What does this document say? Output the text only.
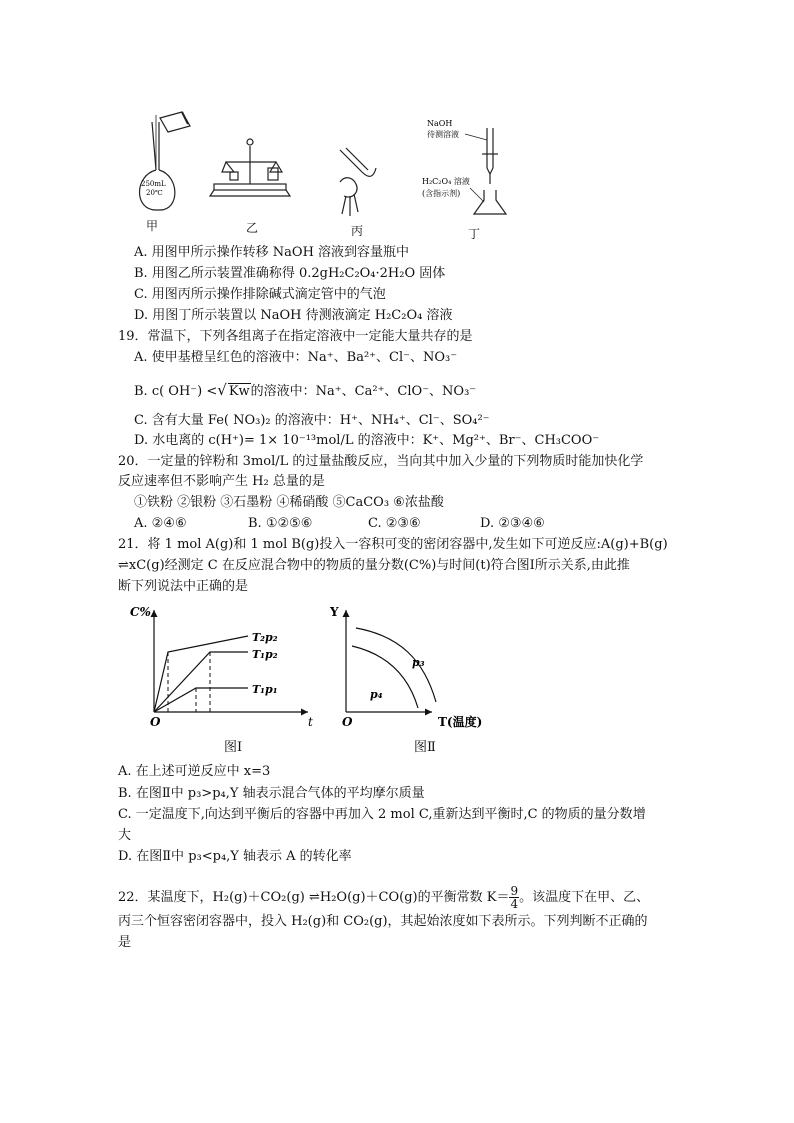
250mL
20℃
NaOH
待测溶液
H₂C₂O₄ 溶液
(含指示剂)
甲	乙	丙	丁
A. 用图甲所示操作转移 NaOH 溶液到容量瓶中
B. 用图乙所示装置准确称得 0.2gH₂C₂O₄·2H₂O 固体
C. 用图丙所示操作排除碱式滴定管中的气泡
D. 用图丁所示装置以 NaOH 待测液滴定 H₂C₂O₄ 溶液
19．常温下，下列各组离子在指定溶液中一定能大量共存的是
A. 使甲基橙呈红色的溶液中：Na⁺、Ba²⁺、Cl⁻、NO₃⁻
B. c( OH⁻) <√ Kw的溶液中：Na⁺、Ca²⁺、ClO⁻、NO₃⁻
C. 含有大量 Fe( NO₃)₂ 的溶液中：H⁺、NH₄⁺、Cl⁻、SO₄²⁻
D. 水电离的 c(H⁺)= 1× 10⁻¹³mol/L 的溶液中：K⁺、Mg²⁺、Br⁻、CH₃COO⁻
20．一定量的锌粉和 3mol/L 的过量盐酸反应，当向其中加入少量的下列物质时能加快化学
反应速率但不影响产生 H₂ 总量的是
①铁粉 ②银粉 ③石墨粉 ④稀硝酸 ⑤CaCO₃ ⑥浓盐酸
A. ②④⑥	B. ①②⑤⑥	C. ②③⑥	D. ②③④⑥
21．将 1 mol A(g)和 1 mol B(g)投入一容积可变的密闭容器中,发生如下可逆反应:A(g)+B(g)
⇌xC(g)经测定 C 在反应混合物中的物质的量分数(C%)与时间(t)符合图Ⅰ所示关系,由此推
断下列说法中正确的是
C%
O	t
T₂p₂
T₁p₂
T₁p₁
图Ⅰ
Y
O	T(温度)
p₃
p₄
图Ⅱ
A. 在上述可逆反应中 x=3
B. 在图Ⅱ中 p₃>p₄,Y 轴表示混合气体的平均摩尔质量
C. 一定温度下,向达到平衡后的容器中再加入 2 mol C,重新达到平衡时,C 的物质的量分数增
大
D. 在图Ⅱ中 p₃<p₄,Y 轴表示 A 的转化率
22．某温度下，H₂(g)＋CO₂(g) ⇌H₂O(g)＋CO(g)的平衡常数 $K= \frac{9}{4}$ 。该温度下在甲、乙、
丙三个恒容密闭容器中，投入 H₂(g)和 CO₂(g)，其起始浓度如下表所示。下列判断不正确的
是
